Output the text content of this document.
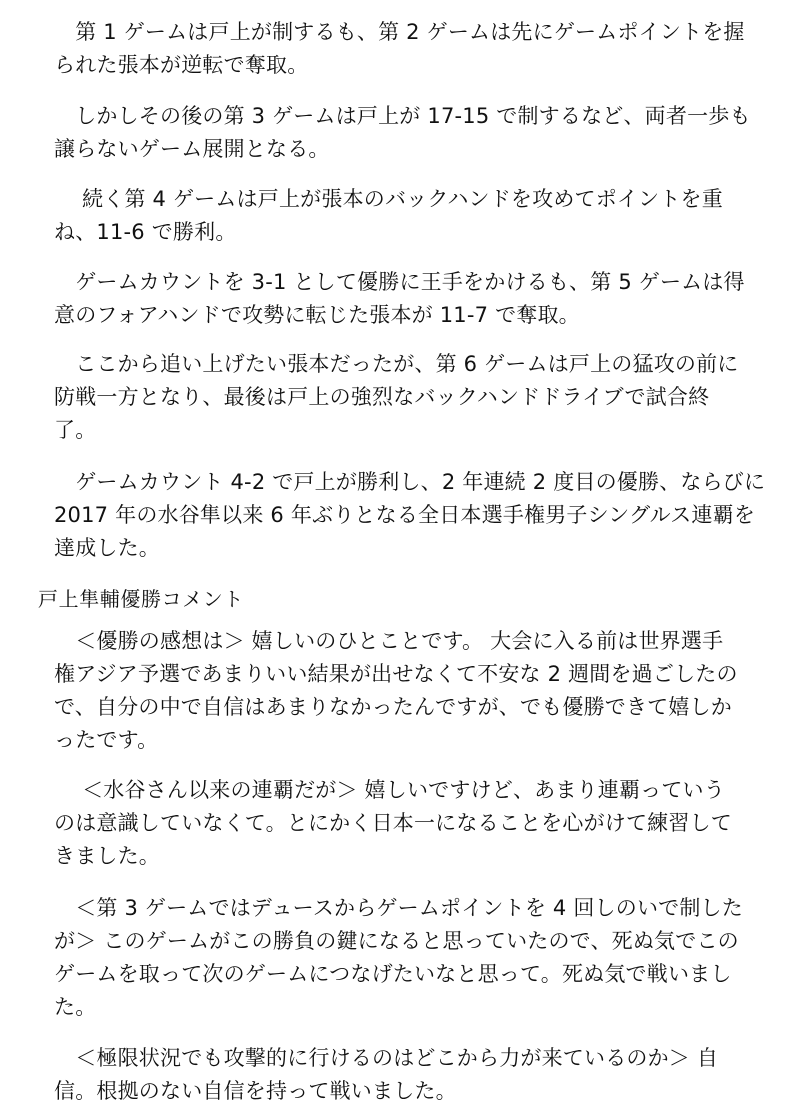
　第 1 ゲームは戸上が制するも、第 2 ゲームは先にゲームポイントを握
られた張本が逆転で奪取。

　しかしその後の第 3 ゲームは戸上が 17-15 で制するなど、両者一歩も
譲らないゲーム展開となる。

　 続く第 4 ゲームは戸上が張本のバックハンドを攻めてポイントを重
ね、11-6 で勝利。

　ゲームカウントを 3-1 として優勝に王手をかけるも、第 5 ゲームは得
意のフォアハンドで攻勢に転じた張本が 11-7 で奪取。

　ここから追い上げたい張本だったが、第 6 ゲームは戸上の猛攻の前に
防戦一方となり、最後は戸上の強烈なバックハンドドライブで試合終
了。

　ゲームカウント 4-2 で戸上が勝利し、2 年連続 2 度目の優勝、ならびに
2017 年の水谷隼以来 6 年ぶりとなる全日本選手権男子シングルス連覇を
達成した。

戸上隼輔優勝コメント

　＜優勝の感想は＞ 嬉しいのひとことです。 大会に入る前は世界選手
権アジア予選であまりいい結果が出せなくて不安な 2 週間を過ごしたの
で、自分の中で自信はあまりなかったんですが、でも優勝できて嬉しか
ったです。

　 ＜水谷さん以来の連覇だが＞ 嬉しいですけど、あまり連覇っていう
のは意識していなくて。とにかく日本一になることを心がけて練習して
きました。

　＜第 3 ゲームではデュースからゲームポイントを 4 回しのいで制した
が＞ このゲームがこの勝負の鍵になると思っていたので、死ぬ気でこの
ゲームを取って次のゲームにつなげたいなと思って。死ぬ気で戦いまし
た。

　＜極限状況でも攻撃的に行けるのはどこから力が来ているのか＞ 自
信。根拠のない自信を持って戦いました。
